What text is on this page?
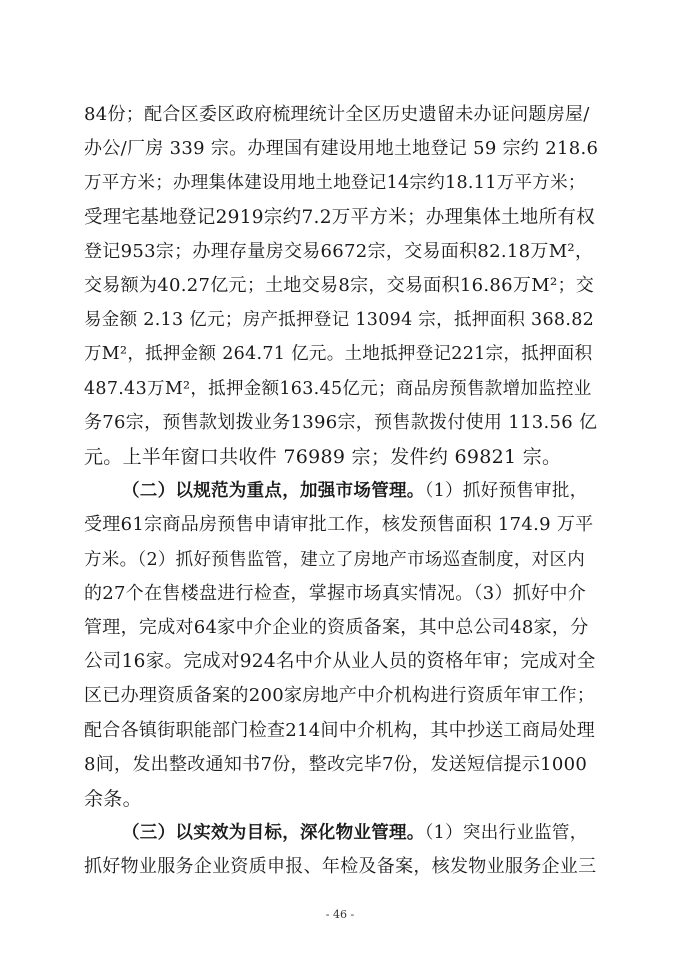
84份；配合区委区政府梳理统计全区历史遗留未办证问题房屋/

办公/厂房 339 宗。办理国有建设用地土地登记 59 宗约 218.6

万平方米；办理集体建设用地土地登记14宗约18.11万平方米；

受理宅基地登记2919宗约7.2万平方米；办理集体土地所有权

登记953宗；办理存量房交易6672宗，交易面积82.18万M²，

交易额为40.27亿元；土地交易8宗，交易面积16.86万M²；交

易金额 2.13 亿元；房产抵押登记 13094 宗，抵押面积 368.82

万M²，抵押金额 264.71 亿元。土地抵押登记221宗，抵押面积

487.43万M²，抵押金额163.45亿元；商品房预售款增加监控业

务76宗，预售款划拨业务1396宗，预售款拨付使用 113.56 亿

元。上半年窗口共收件 76989 宗；发件约 69821 宗。

（二）以规范为重点，加强市场管理。（1）抓好预售审批，

受理61宗商品房预售申请审批工作，核发预售面积 174.9 万平

方米。（2）抓好预售监管，建立了房地产市场巡查制度，对区内

的27个在售楼盘进行检查，掌握市场真实情况。（3）抓好中介

管理，完成对64家中介企业的资质备案，其中总公司48家，分

公司16家。完成对924名中介从业人员的资格年审；完成对全

区已办理资质备案的200家房地产中介机构进行资质年审工作；

配合各镇街职能部门检查214间中介机构，其中抄送工商局处理

8间，发出整改通知书7份，整改完毕7份，发送短信提示1000

余条。

（三）以实效为目标，深化物业管理。（1）突出行业监管，

抓好物业服务企业资质申报、年检及备案，核发物业服务企业三

- 46 -
